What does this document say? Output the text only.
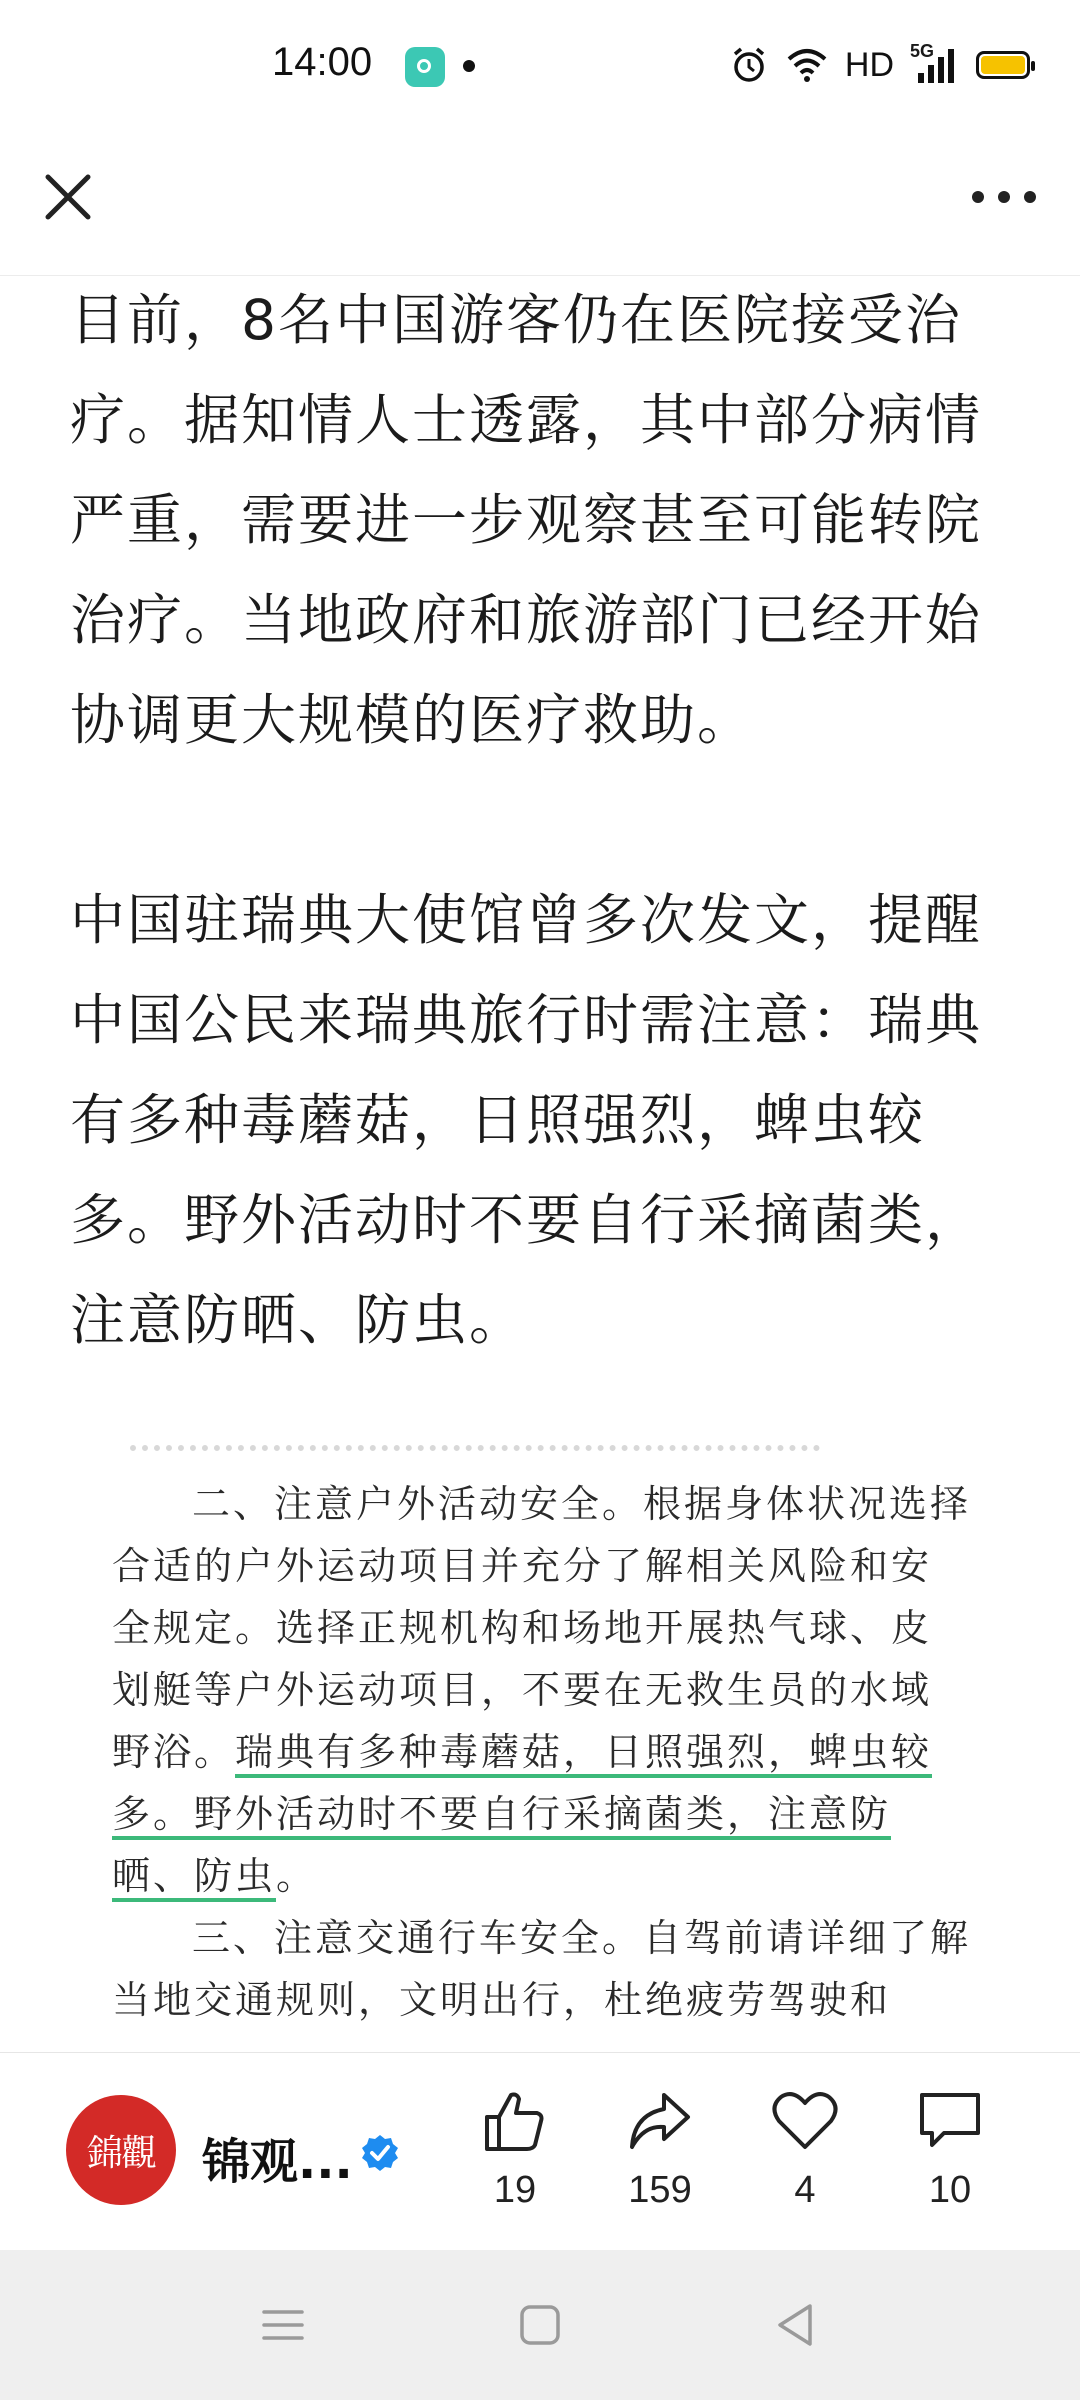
14:00	HD 5G

目前，8名中国游客仍在医院接受治疗。据知情人士透露，其中部分病情严重，需要进一步观察甚至可能转院治疗。当地政府和旅游部门已经开始协调更大规模的医疗救助。

中国驻瑞典大使馆曾多次发文，提醒中国公民来瑞典旅行时需注意：瑞典有多种毒蘑菇，日照强烈，蜱虫较多。野外活动时不要自行采摘菌类，注意防晒、防虫。

二、注意户外活动安全。根据身体状况选择合适的户外运动项目并充分了解相关风险和安全规定。选择正规机构和场地开展热气球、皮划艇等户外运动项目，不要在无救生员的水域野浴。瑞典有多种毒蘑菇，日照强烈，蜱虫较多。野外活动时不要自行采摘菌类，注意防晒、防虫。

三、注意交通行车安全。自驾前请详细了解当地交通规则，文明出行，杜绝疲劳驾驶和

錦觀 锦观...	19	159	4	10
